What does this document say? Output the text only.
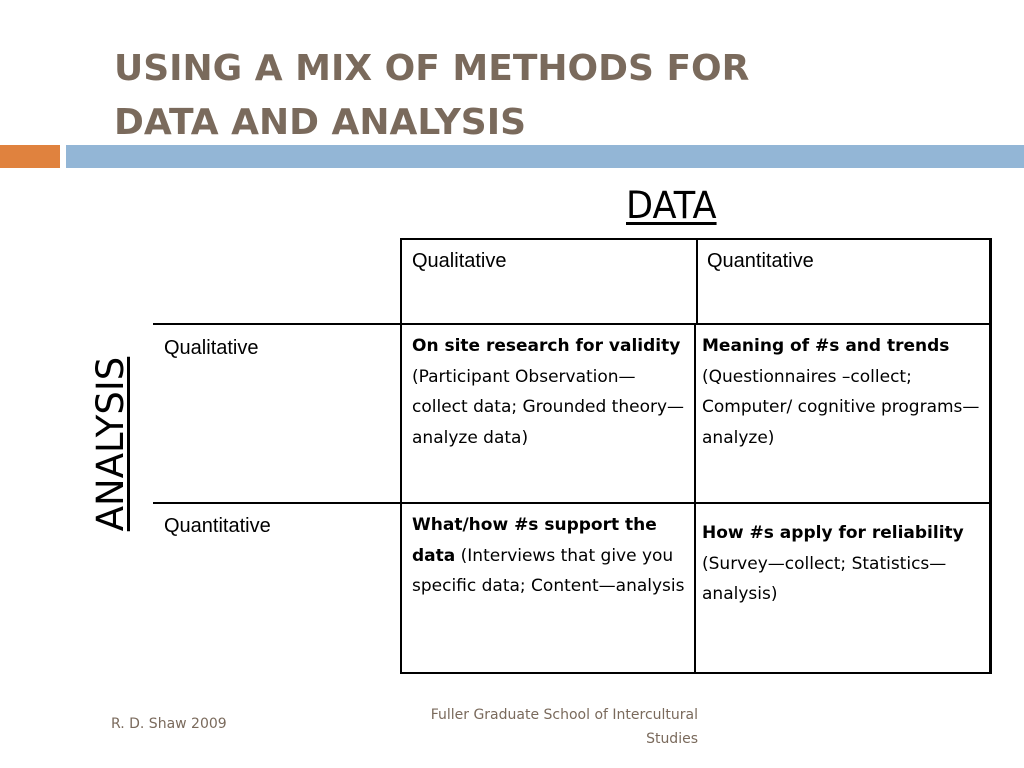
USING A MIX OF METHODS FOR
DATA AND ANALYSIS
DATA
ANALYSIS
Qualitative	Quantitative
Qualitative
Quantitative
On site research for validity (Participant Observation—collect data; Grounded theory—analyze data)
Meaning of #s and trends (Questionnaires –collect; Computer/ cognitive programs—analyze)
What/how #s support the data (Interviews that give you specific data; Content—analysis
How #s apply for reliability (Survey—collect; Statistics— analysis)
R. D. Shaw 2009
Fuller Graduate School of Intercultural Studies
